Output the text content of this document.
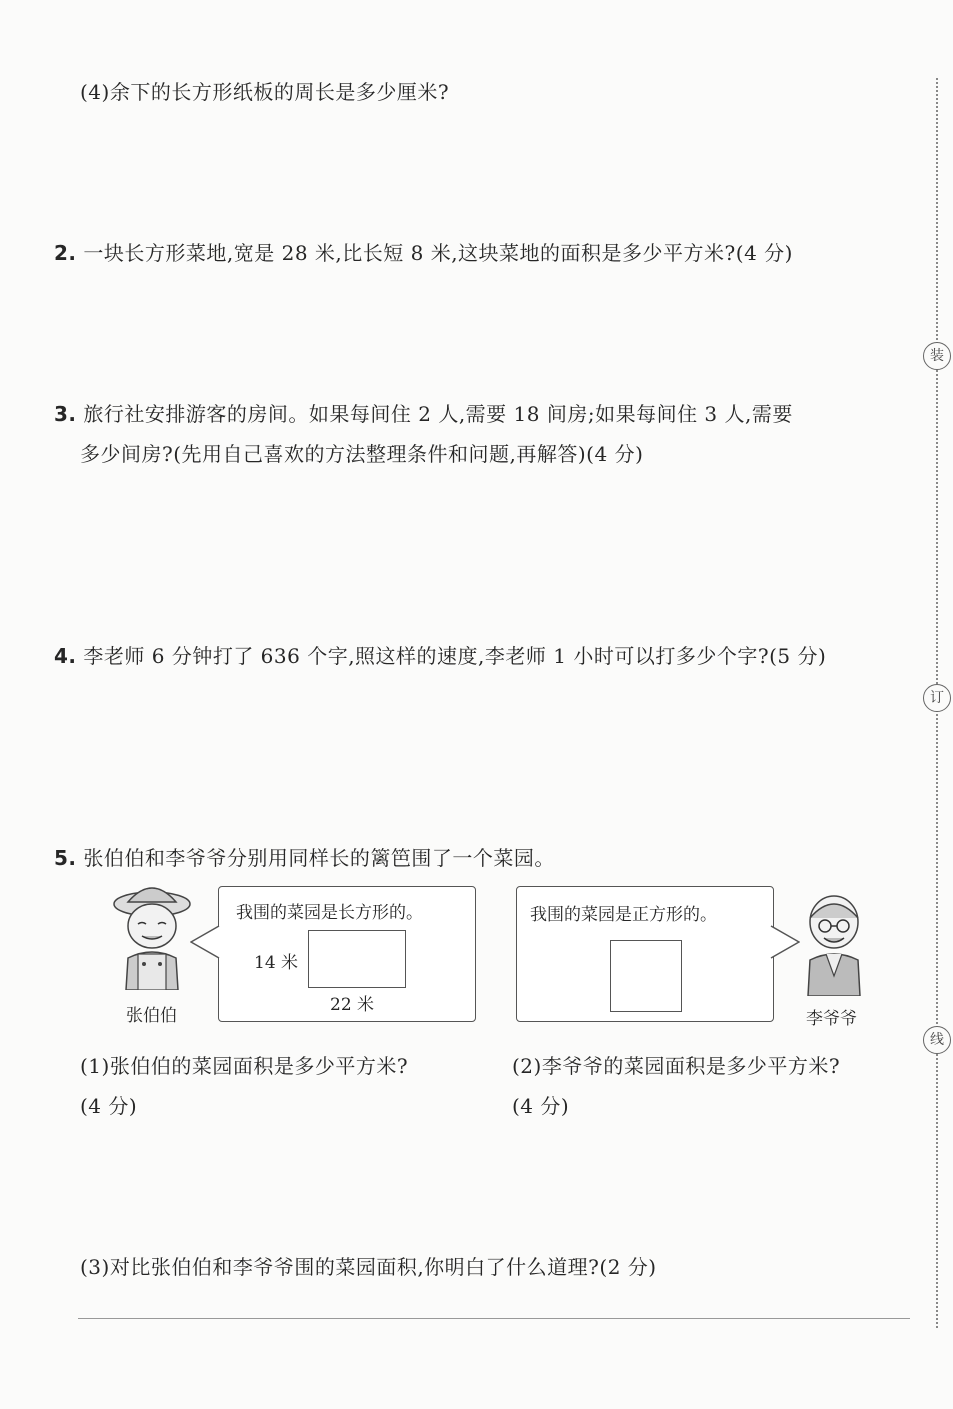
装
订
线
(4)余下的长方形纸板的周长是多少厘米?
2. 一块长方形菜地,宽是 28 米,比长短 8 米,这块菜地的面积是多少平方米?(4 分)
3. 旅行社安排游客的房间。如果每间住 2 人,需要 18 间房;如果每间住 3 人,需要
多少间房?(先用自己喜欢的方法整理条件和问题,再解答)(4 分)
4. 李老师 6 分钟打了 636 个字,照这样的速度,李老师 1 小时可以打多少个字?(5 分)
5. 张伯伯和李爷爷分别用同样长的篱笆围了一个菜园。
张伯伯
我围的菜园是长方形的。
14 米
22 米
我围的菜园是正方形的。
李爷爷
(1)张伯伯的菜园面积是多少平方米?
(4 分)
(2)李爷爷的菜园面积是多少平方米?
(4 分)
(3)对比张伯伯和李爷爷围的菜园面积,你明白了什么道理?(2 分)
